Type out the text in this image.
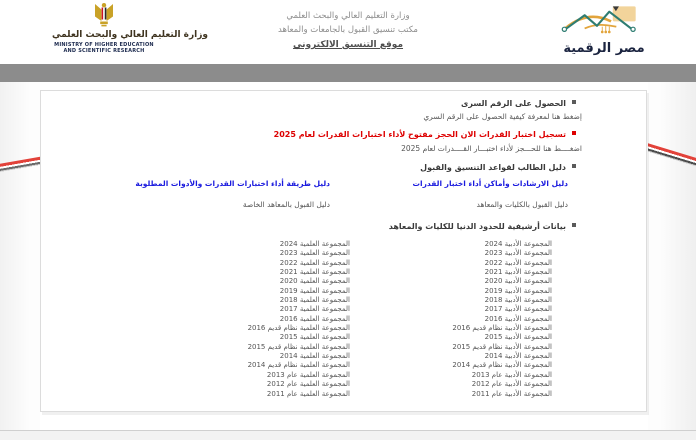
وزارة التعليم العالي والبحث العلمي
MINISTRY OF HIGHER EDUCATION
AND SCIENTIFIC RESEARCH
وزارة التعليم العالي والبحث العلمي
مكتب تنسيق القبول بالجامعات والمعاهد
موقع التنسيق الالكتروني	مصر الرقمية
الحصول على الرقم السرى
إضغط هنا لمعرفة كيفية الحصول على الرقم السري
تسجيل اختبار القدرات الان الحجز مفتوح لأداء اختبارات القدرات لعام 2025
اضغــــط هنا للحـــجز لأداء اختبـــار القــــدرات لعام 2025
دليل الطالب لقواعد التنسيق والقبول
دليل الارشادات وأماكن أداء اختبار القدرات
دليل طريقة أداء اختبارات القدرات والأدوات المطلوبة
دليل القبول بالكليات والمعاهد
دليل القبول بالمعاهد الخاصة
بيانات أرشيفية للحدود الدنيا للكليات والمعاهد
المجموعة الأدبية 2024
المجموعة العلمية 2024
المجموعة الأدبية 2023
المجموعة العلمية 2023
المجموعة الأدبية 2022
المجموعة العلمية 2022
المجموعة الأدبية 2021
المجموعة العلمية 2021
المجموعة الأدبية 2020
المجموعة العلمية 2020
المجموعة الأدبية 2019
المجموعة العلمية 2019
المجموعة الأدبية 2018
المجموعة العلمية 2018
المجموعة الأدبية 2017
المجموعة العلمية 2017
المجموعة الأدبية 2016
المجموعة العلمية 2016
المجموعة الأدبية نظام قديم 2016
المجموعة العلمية نظام قديم 2016
المجموعة الأدبية 2015
المجموعة العلمية 2015
المجموعة الأدبية نظام قديم 2015
المجموعة العلمية نظام قديم 2015
المجموعة الأدبية 2014
المجموعة العلمية 2014
المجموعة الأدبية نظام قديم 2014
المجموعة العلمية نظام قديم 2014
المجموعة الأدبية عام 2013
المجموعة العلمية عام 2013
المجموعة الأدبية عام 2012
المجموعة العلمية عام 2012
المجموعة الأدبية عام 2011
المجموعة العلمية عام 2011
